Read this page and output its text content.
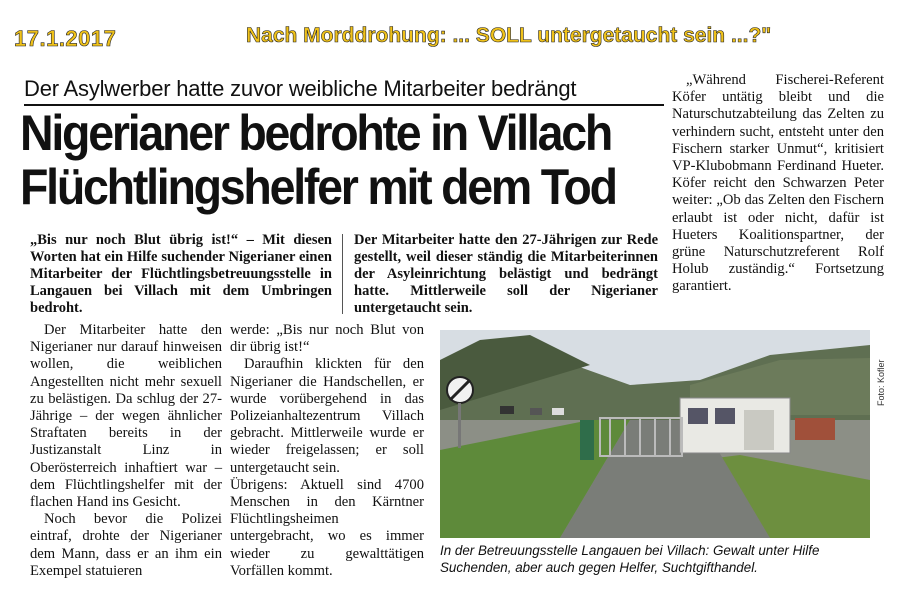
17.1.2017	Nach Morddrohung: ... SOLL untergetaucht sein ...?"
Der Asylwerber hatte zuvor weibliche Mitarbeiter bedrängt
Nigerianer bedrohte in Villach
Flüchtlingshelfer mit dem Tod
„Bis nur noch Blut übrig ist!“ – Mit diesen Worten hat ein Hilfe suchender Nigerianer einen Mitarbeiter der Flüchtlingsbetreuungsstelle in Langauen bei Villach mit dem Umbringen bedroht.
Der Mitarbeiter hatte den 27-Jährigen zur Rede gestellt, weil dieser ständig die Mitarbeiterinnen der Asyleinrichtung belästigt und bedrängt hatte. Mittlerweile soll der Nigerianer untergetaucht sein.

Der Mitarbeiter hatte den Nigerianer nur darauf hinweisen wollen, die weiblichen Angestellten nicht mehr sexuell zu belästigen. Da schlug der 27-Jährige – der wegen ähnlicher Straftaten bereits in der Justizanstalt Linz in Oberösterreich inhaftiert war – dem Flüchtlingshelfer mit der flachen Hand ins Gesicht.

Noch bevor die Polizei eintraf, drohte der Nigerianer dem Mann, dass er an ihm ein Exempel statuieren

werde: „Bis nur noch Blut von dir übrig ist!“

Daraufhin klickten für den Nigerianer die Handschellen, er wurde vorübergehend in das Polizeianhaltezentrum Villach gebracht. Mittlerweile wurde er wieder freigelassen; er soll untergetaucht sein.

Übrigens: Aktuell sind 4700 Menschen in den Kärntner Flüchtlingsheimen untergebracht, wo es immer wieder zu gewalttätigen Vorfällen kommt.

„Während Fischerei-Referent Köfer untätig bleibt und die Naturschutzabteilung das Zelten zu verhindern sucht, entsteht unter den Fischern starker Unmut“, kritisiert VP-Klubobmann Ferdinand Hueter. Köfer reicht den Schwarzen Peter weiter: „Ob das Zelten den Fischern erlaubt ist oder nicht, dafür ist Hueters Koalitionspartner, der grüne Naturschutzreferent Rolf Holub zuständig.“ Fortsetzung garantiert.

Foto: Kofler
In der Betreuungsstelle Langauen bei Villach: Gewalt unter Hilfe Suchenden, aber auch gegen Helfer, Suchtgifthandel.
